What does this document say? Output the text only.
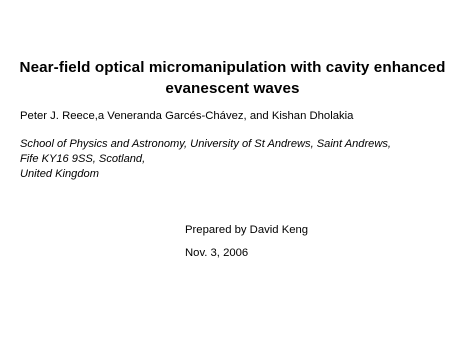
Near-field optical micromanipulation with cavity enhanced
evanescent waves
Peter J. Reece,a Veneranda Garcés-Chávez, and Kishan Dholakia
School of Physics and Astronomy, University of St Andrews, Saint Andrews,
Fife KY16 9SS, Scotland,
United Kingdom
Prepared by David Keng
Nov. 3, 2006
